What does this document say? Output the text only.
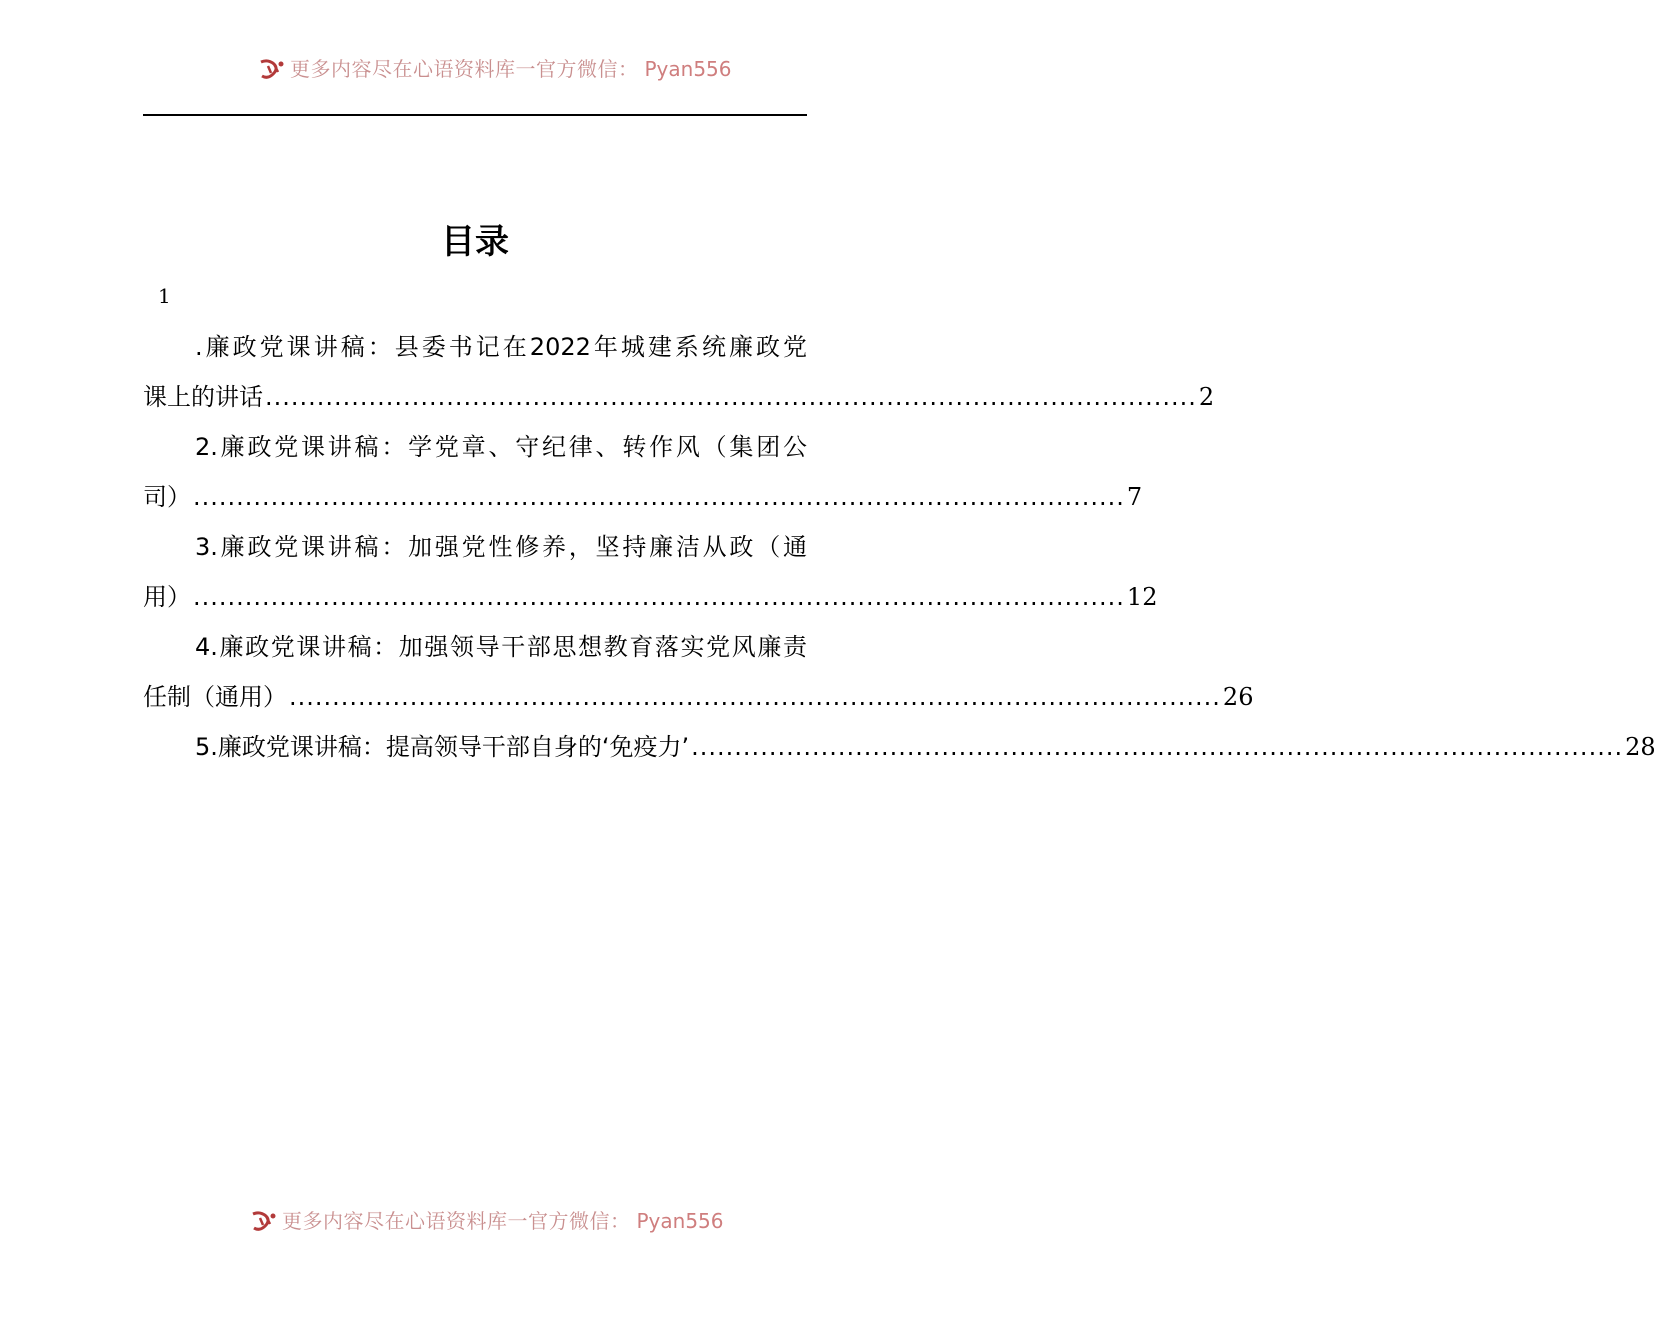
更多内容尽在心语资料库一官方微信： Pyan556
目录
1
.廉政党课讲稿：县委书记在2022年城建系统廉政党
课上的讲话 ............................................................................................................ 2
2.廉政党课讲稿：学党章、守纪律、转作风（集团公
司） ............................................................................................................ 7
3.廉政党课讲稿：加强党性修养，坚持廉洁从政（通
用） ............................................................................................................ 12
4.廉政党课讲稿：加强领导干部思想教育落实党风廉责
任制（通用） ............................................................................................................ 26
5.廉政党课讲稿：提高领导干部自身的‘免疫力’ ............................................................................................................ 28
更多内容尽在心语资料库一官方微信： Pyan556
